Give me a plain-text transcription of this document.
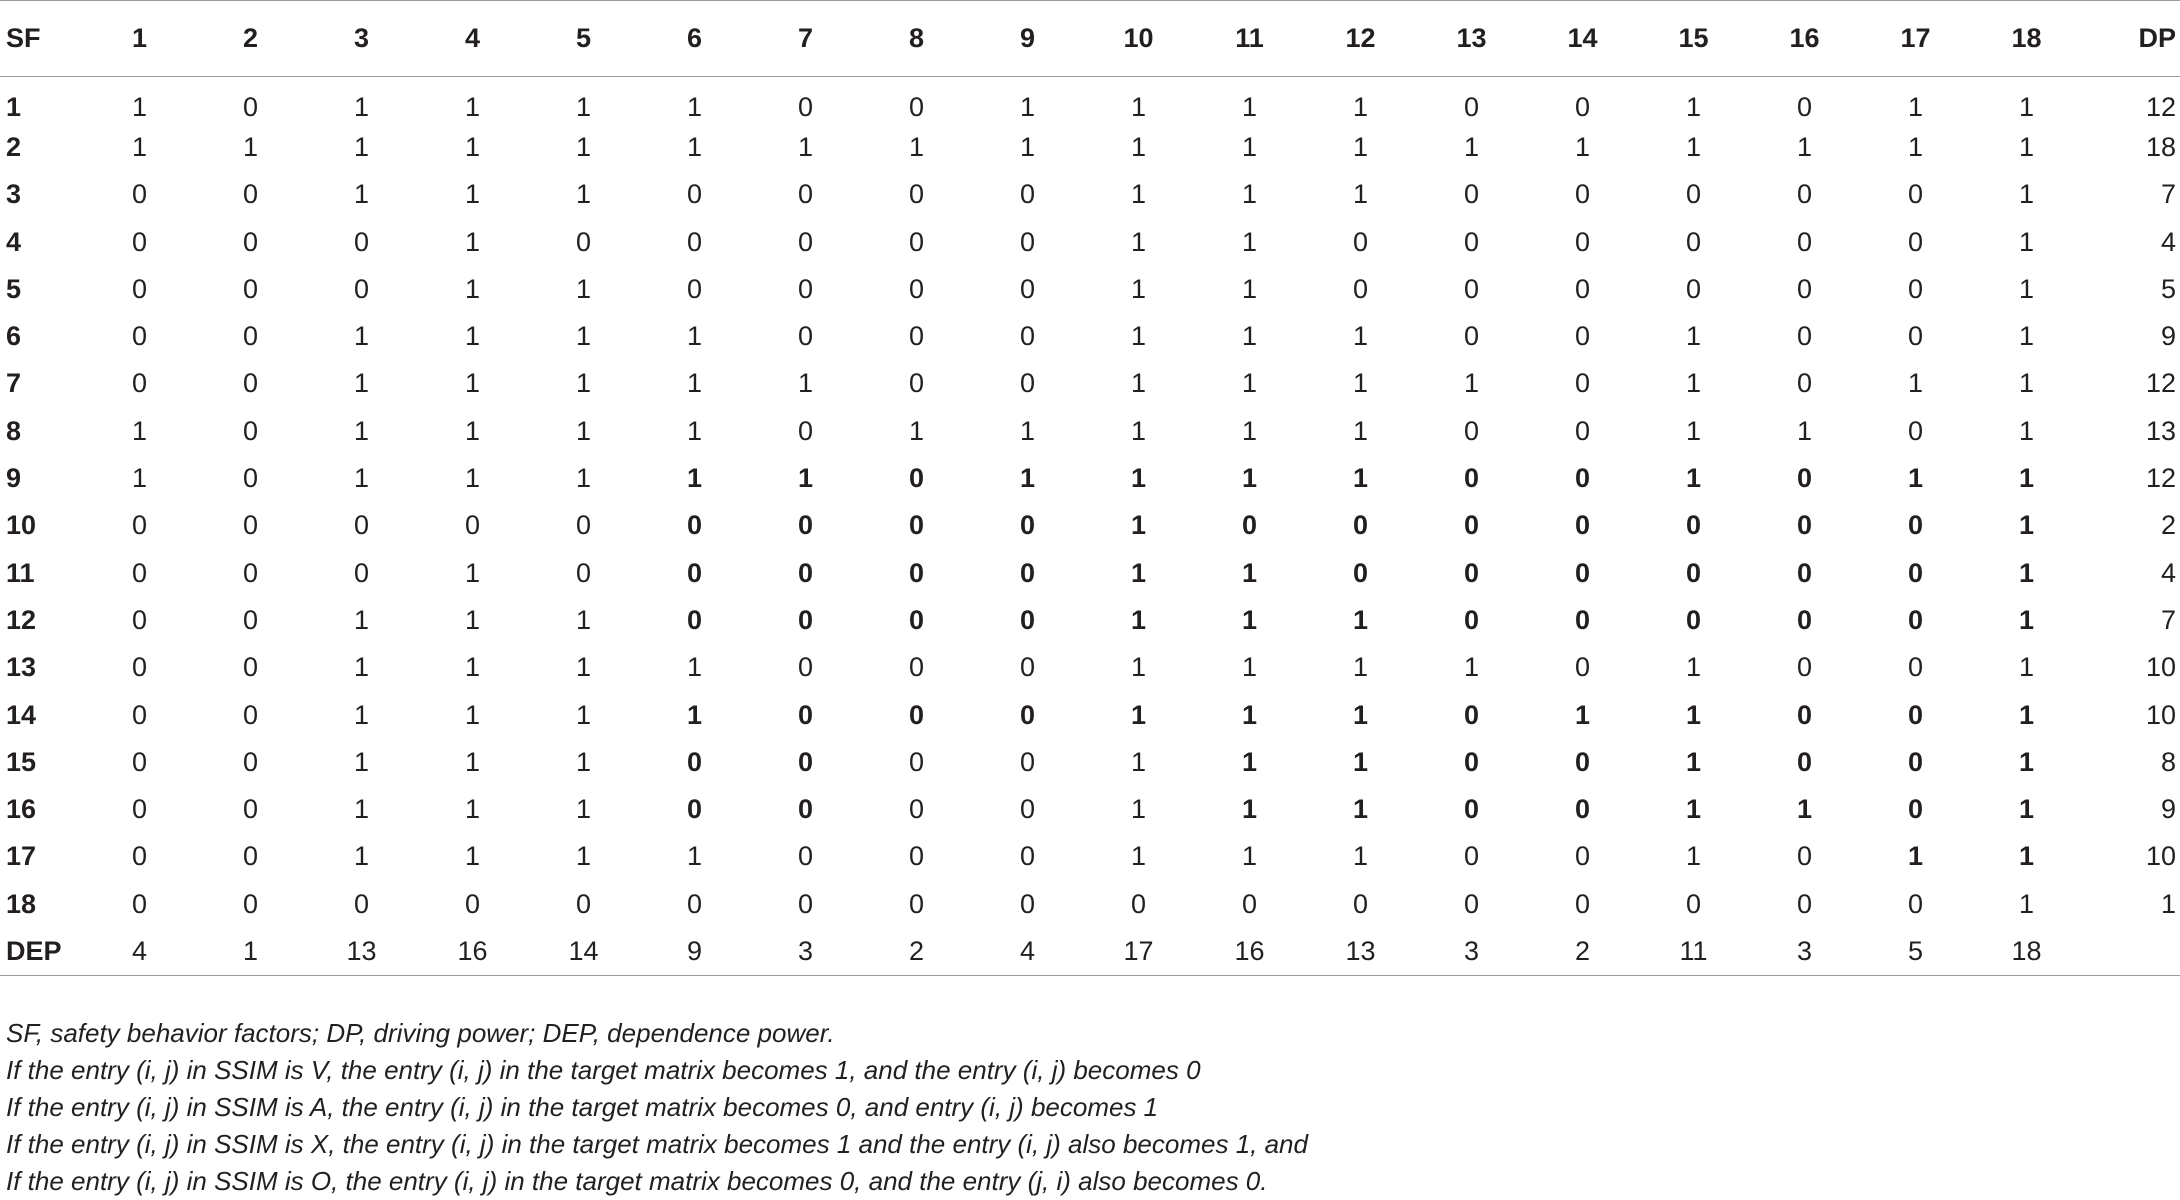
SF	1	2	3	4	5	6	7	8	9	10	11	12	13	14	15	16	17	18	DP
1	1	0	1	1	1	1	0	0	1	1	1	1	0	0	1	0	1	1	12
2	1	1	1	1	1	1	1	1	1	1	1	1	1	1	1	1	1	1	18
3	0	0	1	1	1	0	0	0	0	1	1	1	0	0	0	0	0	1	7
4	0	0	0	1	0	0	0	0	0	1	1	0	0	0	0	0	0	1	4
5	0	0	0	1	1	0	0	0	0	1	1	0	0	0	0	0	0	1	5
6	0	0	1	1	1	1	0	0	0	1	1	1	0	0	1	0	0	1	9
7	0	0	1	1	1	1	1	0	0	1	1	1	1	0	1	0	1	1	12
8	1	0	1	1	1	1	0	1	1	1	1	1	0	0	1	1	0	1	13
9	1	0	1	1	1	1	1	0	1	1	1	1	0	0	1	0	1	1	12
10	0	0	0	0	0	0	0	0	0	1	0	0	0	0	0	0	0	1	2
11	0	0	0	1	0	0	0	0	0	1	1	0	0	0	0	0	0	1	4
12	0	0	1	1	1	0	0	0	0	1	1	1	0	0	0	0	0	1	7
13	0	0	1	1	1	1	0	0	0	1	1	1	1	0	1	0	0	1	10
14	0	0	1	1	1	1	0	0	0	1	1	1	0	1	1	0	0	1	10
15	0	0	1	1	1	0	0	0	0	1	1	1	0	0	1	0	0	1	8
16	0	0	1	1	1	0	0	0	0	1	1	1	0	0	1	1	0	1	9
17	0	0	1	1	1	1	0	0	0	1	1	1	0	0	1	0	1	1	10
18	0	0	0	0	0	0	0	0	0	0	0	0	0	0	0	0	0	1	1
DEP	4	1	13	16	14	9	3	2	4	17	16	13	3	2	11	3	5	18	
SF, safety behavior factors; DP, driving power; DEP, dependence power.
If the entry (i, j) in SSIM is V, the entry (i, j) in the target matrix becomes 1, and the entry (i, j) becomes 0
If the entry (i, j) in SSIM is A, the entry (i, j) in the target matrix becomes 0, and entry (i, j) becomes 1
If the entry (i, j) in SSIM is X, the entry (i, j) in the target matrix becomes 1 and the entry (i, j) also becomes 1, and
If the entry (i, j) in SSIM is O, the entry (i, j) in the target matrix becomes 0, and the entry (j, i) also becomes 0.
